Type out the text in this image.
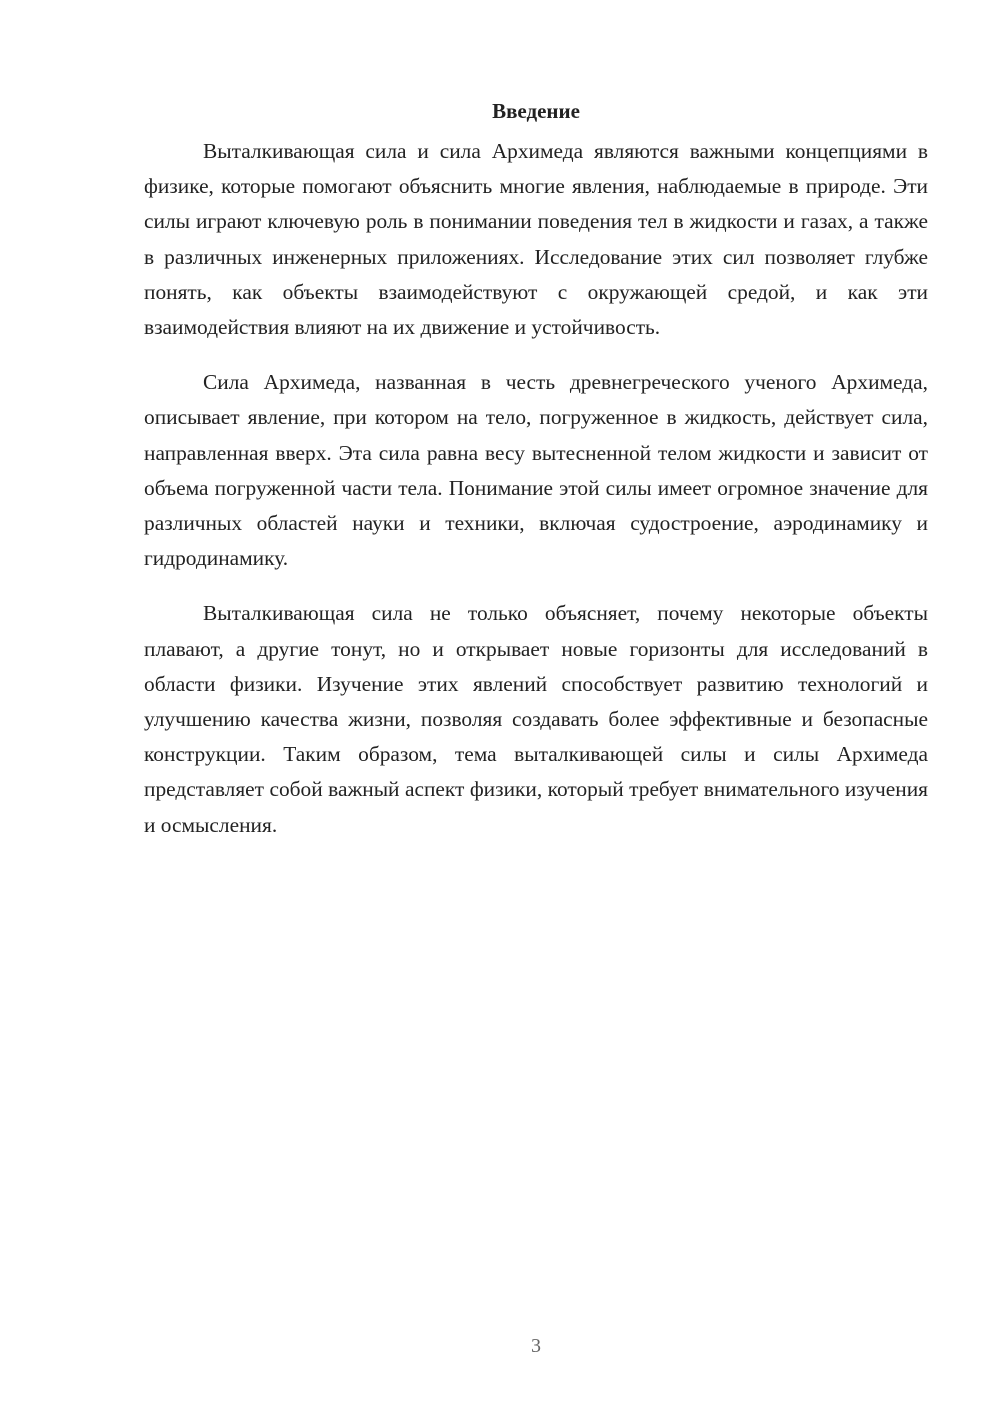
Введение

Выталкивающая сила и сила Архимеда являются важными концепциями в физике, которые помогают объяснить многие явления, наблюдаемые в природе. Эти силы играют ключевую роль в понимании поведения тел в жидкости и газах, а также в различных инженерных приложениях. Исследование этих сил позволяет глубже понять, как объекты взаимодействуют с окружающей средой, и как эти взаимодействия влияют на их движение и устойчивость.

Сила Архимеда, названная в честь древнегреческого ученого Архимеда, описывает явление, при котором на тело, погруженное в жидкость, действует сила, направленная вверх. Эта сила равна весу вытесненной телом жидкости и зависит от объема погруженной части тела. Понимание этой силы имеет огромное значение для различных областей науки и техники, включая судостроение, аэродинамику и гидродинамику.

Выталкивающая сила не только объясняет, почему некоторые объекты плавают, а другие тонут, но и открывает новые горизонты для исследований в области физики. Изучение этих явлений способствует развитию технологий и улучшению качества жизни, позволяя создавать более эффективные и безопасные конструкции. Таким образом, тема выталкивающей силы и силы Архимеда представляет собой важный аспект физики, который требует внимательного изучения и осмысления.

3
